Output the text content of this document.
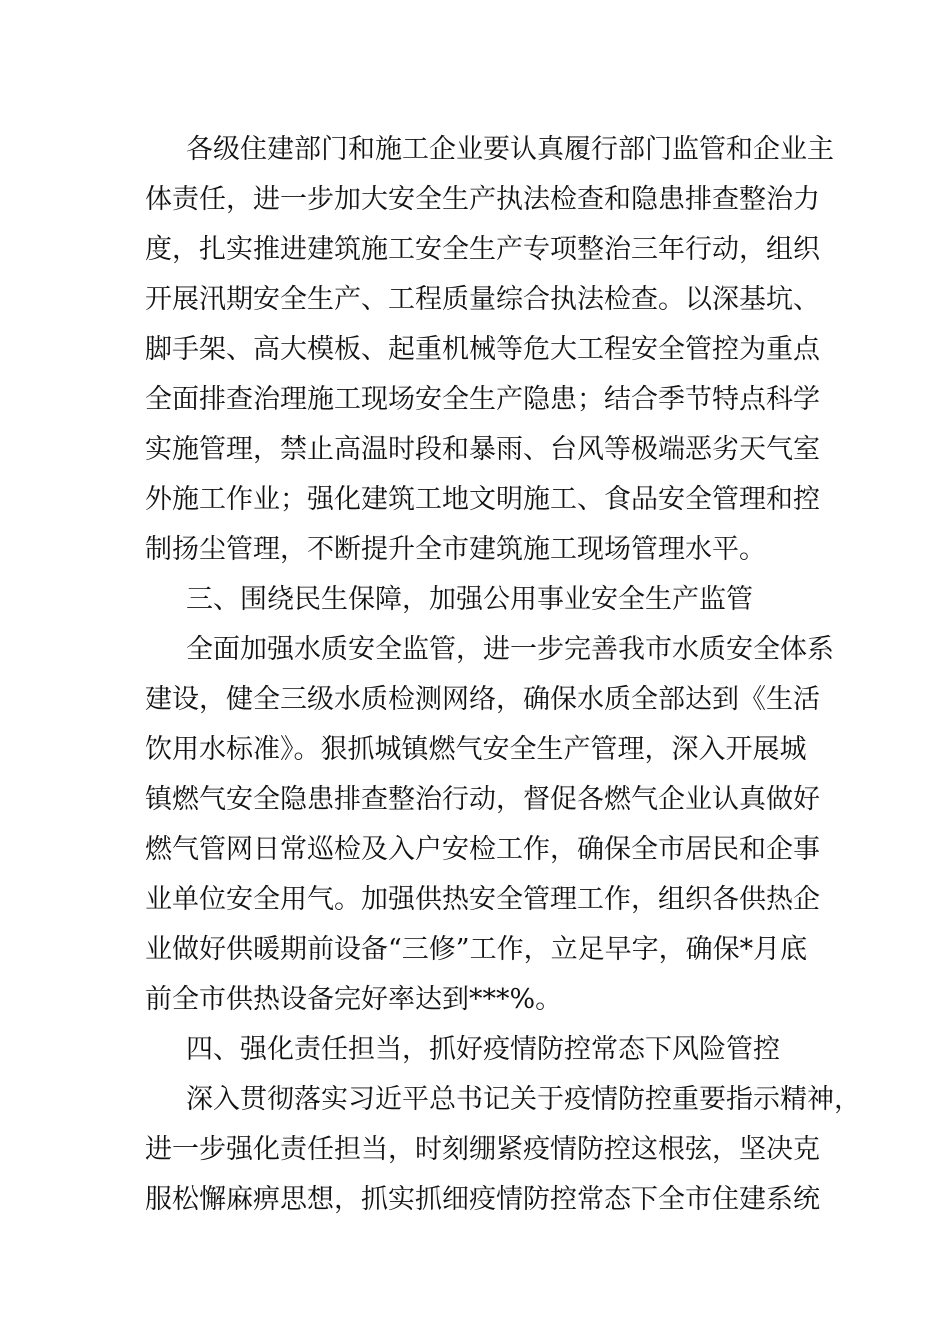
各级住建部门和施工企业要认真履行部门监管和企业主
体责任，进一步加大安全生产执法检查和隐患排查整治力
度，扎实推进建筑施工安全生产专项整治三年行动，组织
开展汛期安全生产、工程质量综合执法检查。以深基坑、
脚手架、高大模板、起重机械等危大工程安全管控为重点
全面排查治理施工现场安全生产隐患；结合季节特点科学
实施管理，禁止高温时段和暴雨、台风等极端恶劣天气室
外施工作业；强化建筑工地文明施工、食品安全管理和控
制扬尘管理，不断提升全市建筑施工现场管理水平。
三、围绕民生保障，加强公用事业安全生产监管
全面加强水质安全监管，进一步完善我市水质安全体系
建设，健全三级水质检测网络，确保水质全部达到《生活
饮用水标准》。狠抓城镇燃气安全生产管理，深入开展城
镇燃气安全隐患排查整治行动，督促各燃气企业认真做好
燃气管网日常巡检及入户安检工作，确保全市居民和企事
业单位安全用气。加强供热安全管理工作，组织各供热企
业做好供暖期前设备“三修”工作，立足早字，确保*月底
前全市供热设备完好率达到***%。
四、强化责任担当，抓好疫情防控常态下风险管控
深入贯彻落实习近平总书记关于疫情防控重要指示精神，
进一步强化责任担当，时刻绷紧疫情防控这根弦，坚决克
服松懈麻痹思想，抓实抓细疫情防控常态下全市住建系统
